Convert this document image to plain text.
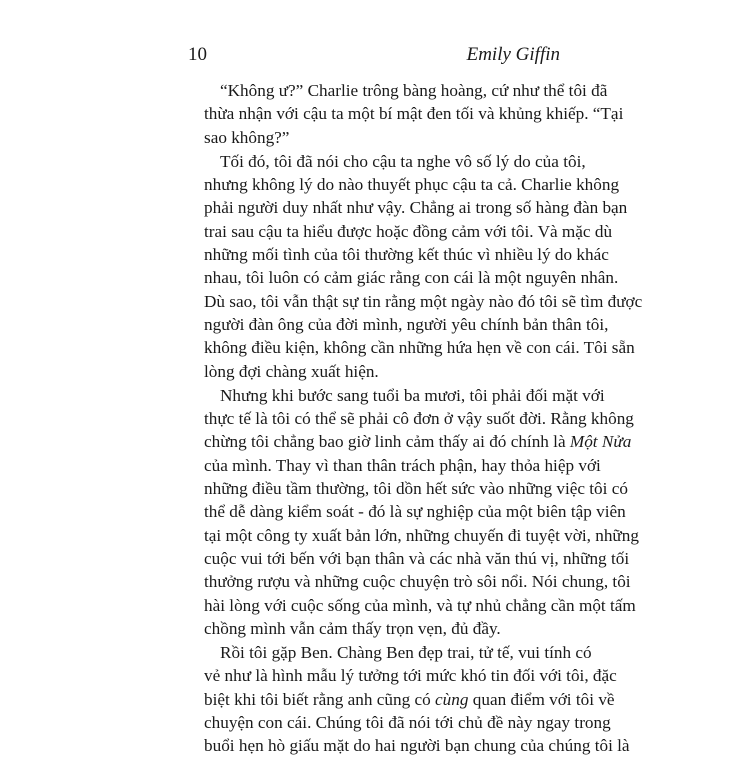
10	Emily Giffin
“Không ư?” Charlie trông bàng hoàng, cứ như thể tôi đã
thừa nhận với cậu ta một bí mật đen tối và khủng khiếp. “Tại
sao không?”
Tối đó, tôi đã nói cho cậu ta nghe vô số lý do của tôi,
nhưng không lý do nào thuyết phục cậu ta cả. Charlie không
phải người duy nhất như vậy. Chẳng ai trong số hàng đàn bạn
trai sau cậu ta hiểu được hoặc đồng cảm với tôi. Và mặc dù
những mối tình của tôi thường kết thúc vì nhiều lý do khác
nhau, tôi luôn có cảm giác rằng con cái là một nguyên nhân.
Dù sao, tôi vẫn thật sự tin rằng một ngày nào đó tôi sẽ tìm được
người đàn ông của đời mình, người yêu chính bản thân tôi,
không điều kiện, không cần những hứa hẹn về con cái. Tôi sẵn
lòng đợi chàng xuất hiện.
Nhưng khi bước sang tuổi ba mươi, tôi phải đối mặt với
thực tế là tôi có thể sẽ phải cô đơn ở vậy suốt đời. Rằng không
chừng tôi chẳng bao giờ linh cảm thấy ai đó chính là Một Nửa
của mình. Thay vì than thân trách phận, hay thỏa hiệp với
những điều tầm thường, tôi dồn hết sức vào những việc tôi có
thể dễ dàng kiểm soát - đó là sự nghiệp của một biên tập viên
tại một công ty xuất bản lớn, những chuyến đi tuyệt vời, những
cuộc vui tới bến với bạn thân và các nhà văn thú vị, những tối
thưởng rượu và những cuộc chuyện trò sôi nổi. Nói chung, tôi
hài lòng với cuộc sống của mình, và tự nhủ chẳng cần một tấm
chồng mình vẫn cảm thấy trọn vẹn, đủ đầy.
Rồi tôi gặp Ben. Chàng Ben đẹp trai, tử tế, vui tính có
vẻ như là hình mẫu lý tưởng tới mức khó tin đối với tôi, đặc
biệt khi tôi biết rằng anh cũng có cùng quan điểm với tôi về
chuyện con cái. Chúng tôi đã nói tới chủ đề này ngay trong
buổi hẹn hò giấu mặt do hai người bạn chung của chúng tôi là
